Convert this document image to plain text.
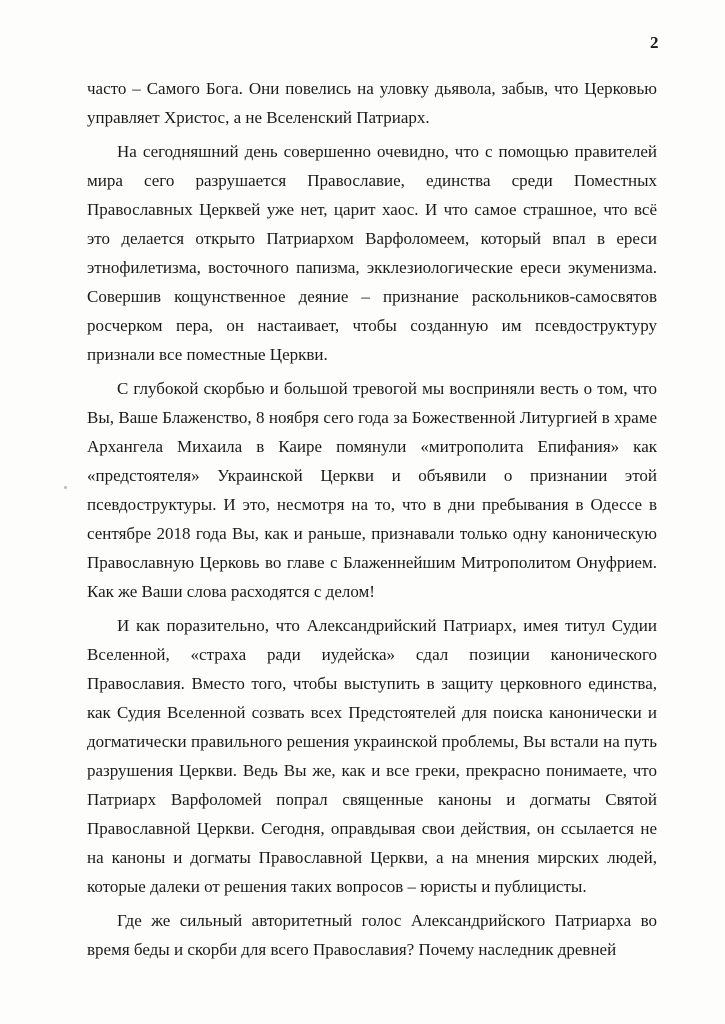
2

часто – Самого Бога. Они повелись на уловку дьявола, забыв, что Церковью управляет Христос, а не Вселенский Патриарх.

На сегодняшний день совершенно очевидно, что с помощью правителей мира сего разрушается Православие, единства среди Поместных Православных Церквей уже нет, царит хаос. И что самое страшное, что всё это делается открыто Патриархом Варфоломеем, который впал в ереси этнофилетизма, восточного папизма, экклезиологические ереси экуменизма. Совершив кощунственное деяние – признание раскольников-самосвятов росчерком пера, он настаивает, чтобы созданную им псевдоструктуру признали все поместные Церкви.

С глубокой скорбью и большой тревогой мы восприняли весть о том, что Вы, Ваше Блаженство, 8 ноября сего года за Божественной Литургией в храме Архангела Михаила в Каире помянули «митрополита Епифания» как «предстоятеля» Украинской Церкви и объявили о признании этой псевдоструктуры. И это, несмотря на то, что в дни пребывания в Одессе в сентябре 2018 года Вы, как и раньше, признавали только одну каноническую Православную Церковь во главе с Блаженнейшим Митрополитом Онуфрием. Как же Ваши слова расходятся с делом!

И как поразительно, что Александрийский Патриарх, имея титул Судии Вселенной, «страха ради иудейска» сдал позиции канонического Православия. Вместо того, чтобы выступить в защиту церковного единства, как Судия Вселенной созвать всех Предстоятелей для поиска канонически и догматически правильного решения украинской проблемы, Вы встали на путь разрушения Церкви. Ведь Вы же, как и все греки, прекрасно понимаете, что Патриарх Варфоломей попрал священные каноны и догматы Святой Православной Церкви. Сегодня, оправдывая свои действия, он ссылается не на каноны и догматы Православной Церкви, а на мнения мирских людей, которые далеки от решения таких вопросов – юристы и публицисты.

Где же сильный авторитетный голос Александрийского Патриарха во время беды и скорби для всего Православия? Почему наследник древней
